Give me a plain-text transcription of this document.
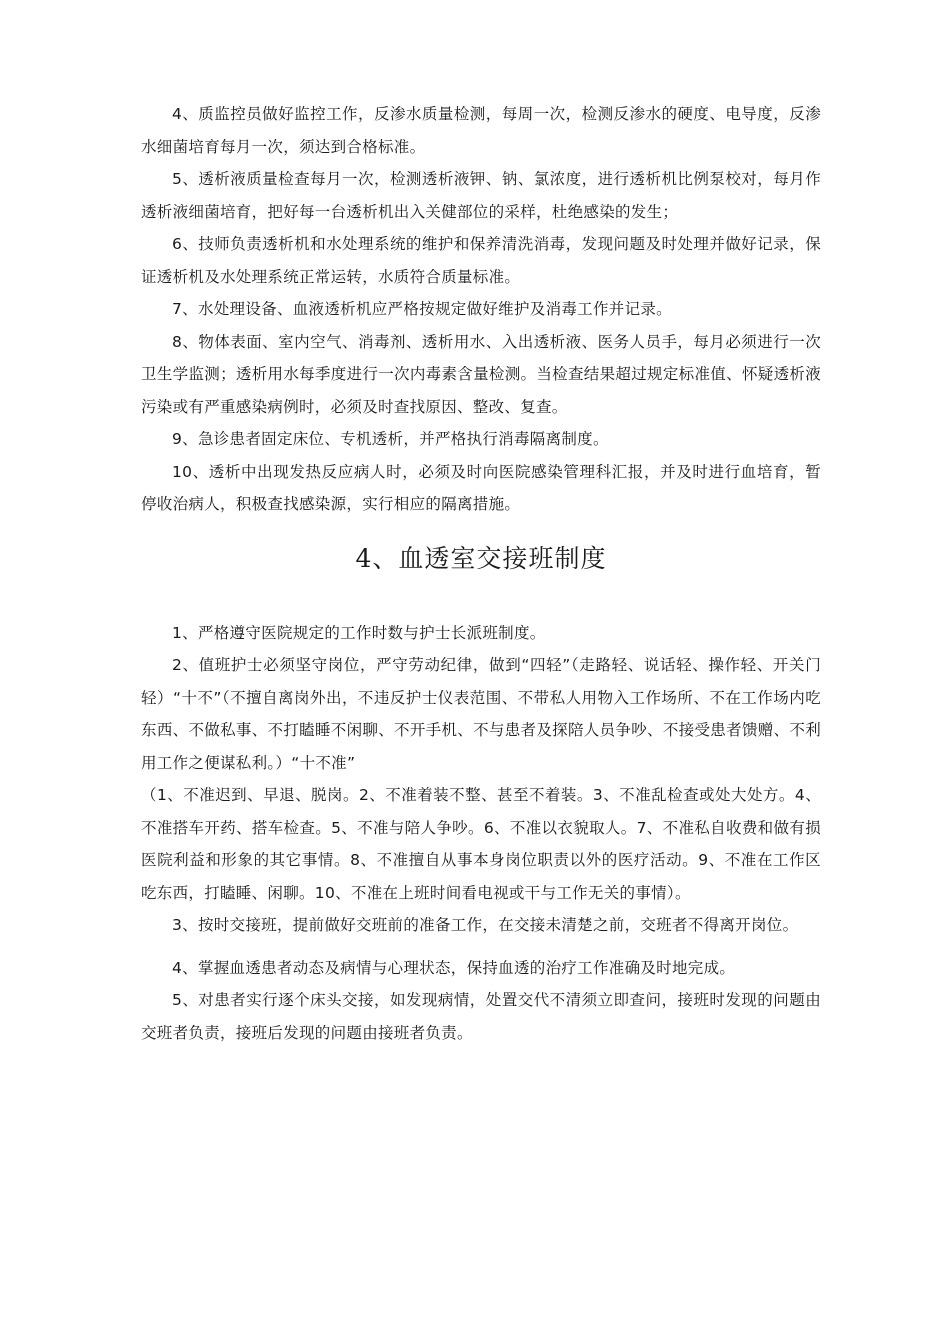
4、质监控员做好监控工作，反渗水质量检测，每周一次，检测反渗水的硬度、电导度，反渗水细菌培育每月一次，须达到合格标准。

5、透析液质量检查每月一次，检测透析液钾、钠、氯浓度，进行透析机比例泵校对，每月作透析液细菌培育，把好每一台透析机出入关健部位的采样，杜绝感染的发生；

6、技师负责透析机和水处理系统的维护和保养清洗消毒，发现问题及时处理并做好记录，保证透析机及水处理系统正常运转，水质符合质量标准。

7、水处理设备、血液透析机应严格按规定做好维护及消毒工作并记录。

8、物体表面、室内空气、消毒剂、透析用水、入出透析液、医务人员手，每月必须进行一次卫生学监测；透析用水每季度进行一次内毒素含量检测。当检查结果超过规定标准值、怀疑透析液污染或有严重感染病例时，必须及时查找原因、整改、复查。

9、急诊患者固定床位、专机透析，并严格执行消毒隔离制度。

10、透析中出现发热反应病人时，必须及时向医院感染管理科汇报，并及时进行血培育，暂停收治病人，积极查找感染源，实行相应的隔离措施。

4、血透室交接班制度

1、严格遵守医院规定的工作时数与护士长派班制度。

2、值班护士必须坚守岗位，严守劳动纪律，做到“四轻”（走路轻、说话轻、操作轻、开关门轻）“十不”（不擅自离岗外出，不违反护士仪表范围、不带私人用物入工作场所、不在工作场内吃东西、不做私事、不打瞌睡不闲聊、不开手机、不与患者及探陪人员争吵、不接受患者馈赠、不利用工作之便谋私利。）“十不准”

（1、不准迟到、早退、脱岗。2、不准着装不整、甚至不着装。3、不准乱检查或处大处方。4、不准搭车开药、搭车检查。5、不准与陪人争吵。6、不准以衣貌取人。7、不准私自收费和做有损医院利益和形象的其它事情。8、不准擅自从事本身岗位职责以外的医疗活动。9、不准在工作区吃东西，打瞌睡、闲聊。10、不准在上班时间看电视或干与工作无关的事情）。

3、按时交接班，提前做好交班前的准备工作，在交接未清楚之前，交班者不得离开岗位。

4、掌握血透患者动态及病情与心理状态，保持血透的治疗工作准确及时地完成。

5、对患者实行逐个床头交接，如发现病情，处置交代不清须立即查问，接班时发现的问题由交班者负责，接班后发现的问题由接班者负责。
